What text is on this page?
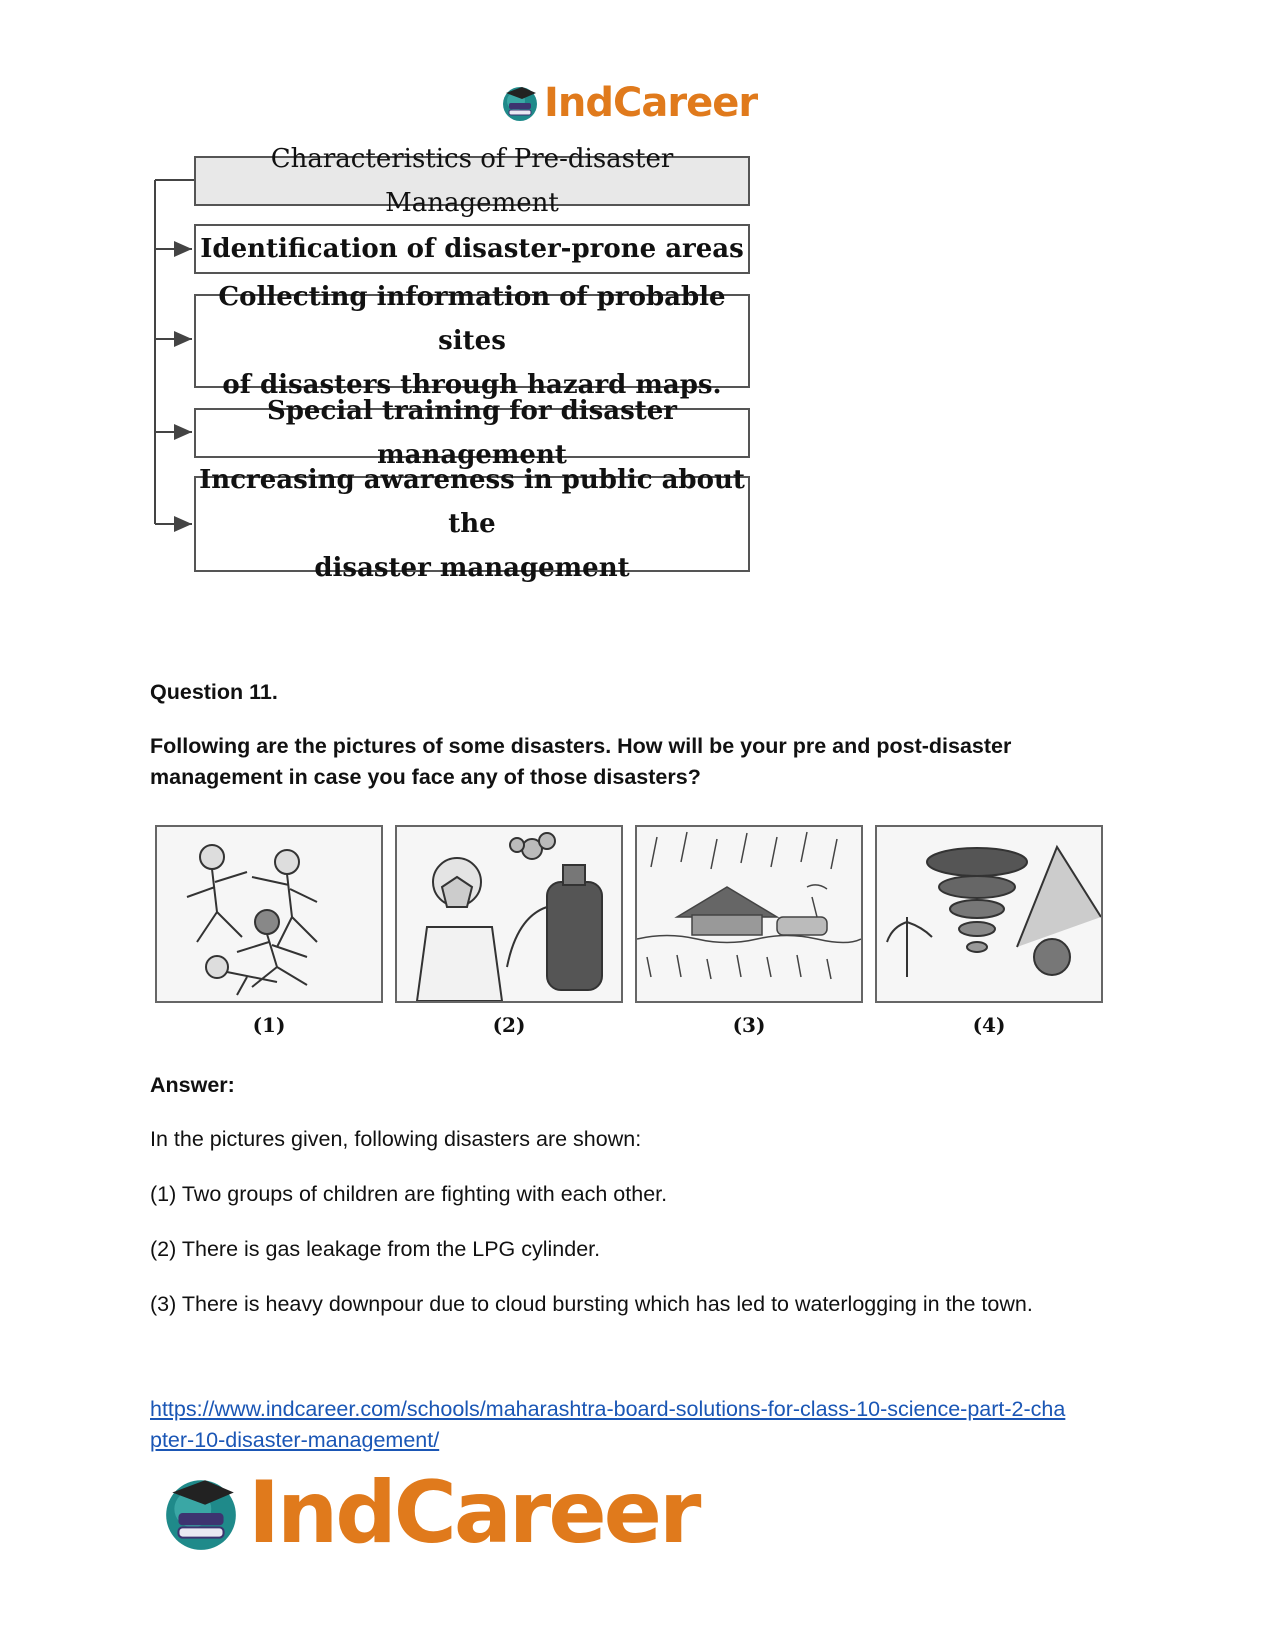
IndCareer
Characteristics of Pre-disaster Management
Identification of disaster-prone areas
Collecting information of probable sites
of disasters through hazard maps.
Special training for disaster management
Increasing awareness in public about the
disaster management
Question 11.
Following are the pictures of some disasters. How will be your pre and post-disaster management in case you face any of those disasters?
(1)	(2)	(3)	(4)
Answer:
In the pictures given, following disasters are shown:
(1) Two groups of children are fighting with each other.
(2) There is gas leakage from the LPG cylinder.
(3) There is heavy downpour due to cloud bursting which has led to waterlogging in the town.
https://www.indcareer.com/schools/maharashtra-board-solutions-for-class-10-science-part-2-cha
pter-10-disaster-management/
IndCareer
